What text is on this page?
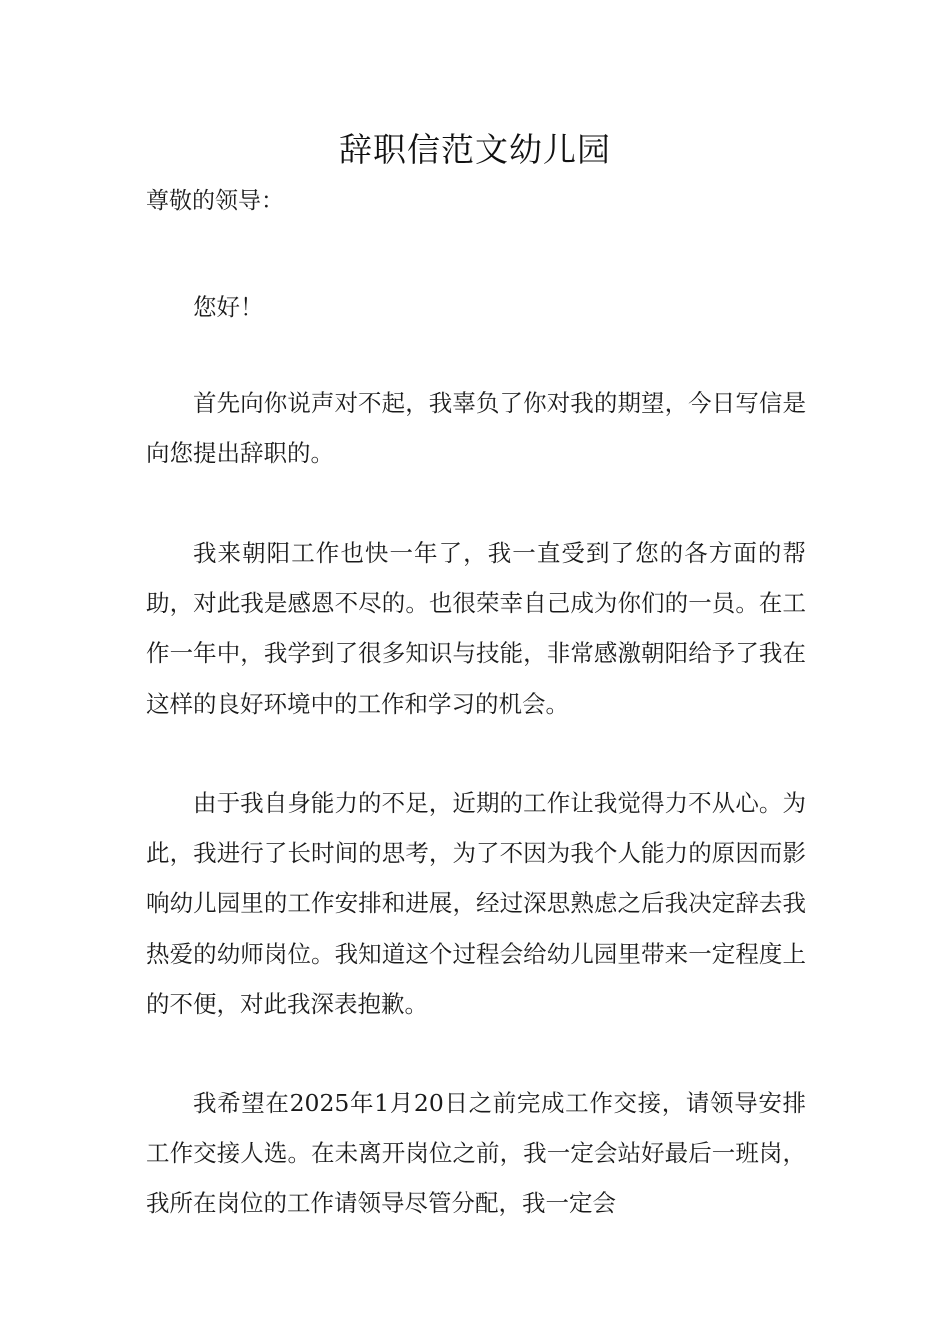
辞职信范文幼儿园
尊敬的领导：

您好！

首先向你说声对不起，我辜负了你对我的期望，今日写信是向您提出辞职的。

我来朝阳工作也快一年了，我一直受到了您的各方面的帮助，对此我是感恩不尽的。也很荣幸自己成为你们的一员。在工作一年中，我学到了很多知识与技能，非常感激朝阳给予了我在这样的良好环境中的工作和学习的机会。

由于我自身能力的不足，近期的工作让我觉得力不从心。为此，我进行了长时间的思考，为了不因为我个人能力的原因而影响幼儿园里的工作安排和进展，经过深思熟虑之后我决定辞去我热爱的幼师岗位。我知道这个过程会给幼儿园里带来一定程度上的不便，对此我深表抱歉。

我希望在2025年1月20日之前完成工作交接，请领导安排工作交接人选。在未离开岗位之前，我一定会站好最后一班岗，我所在岗位的工作请领导尽管分配，我一定会
